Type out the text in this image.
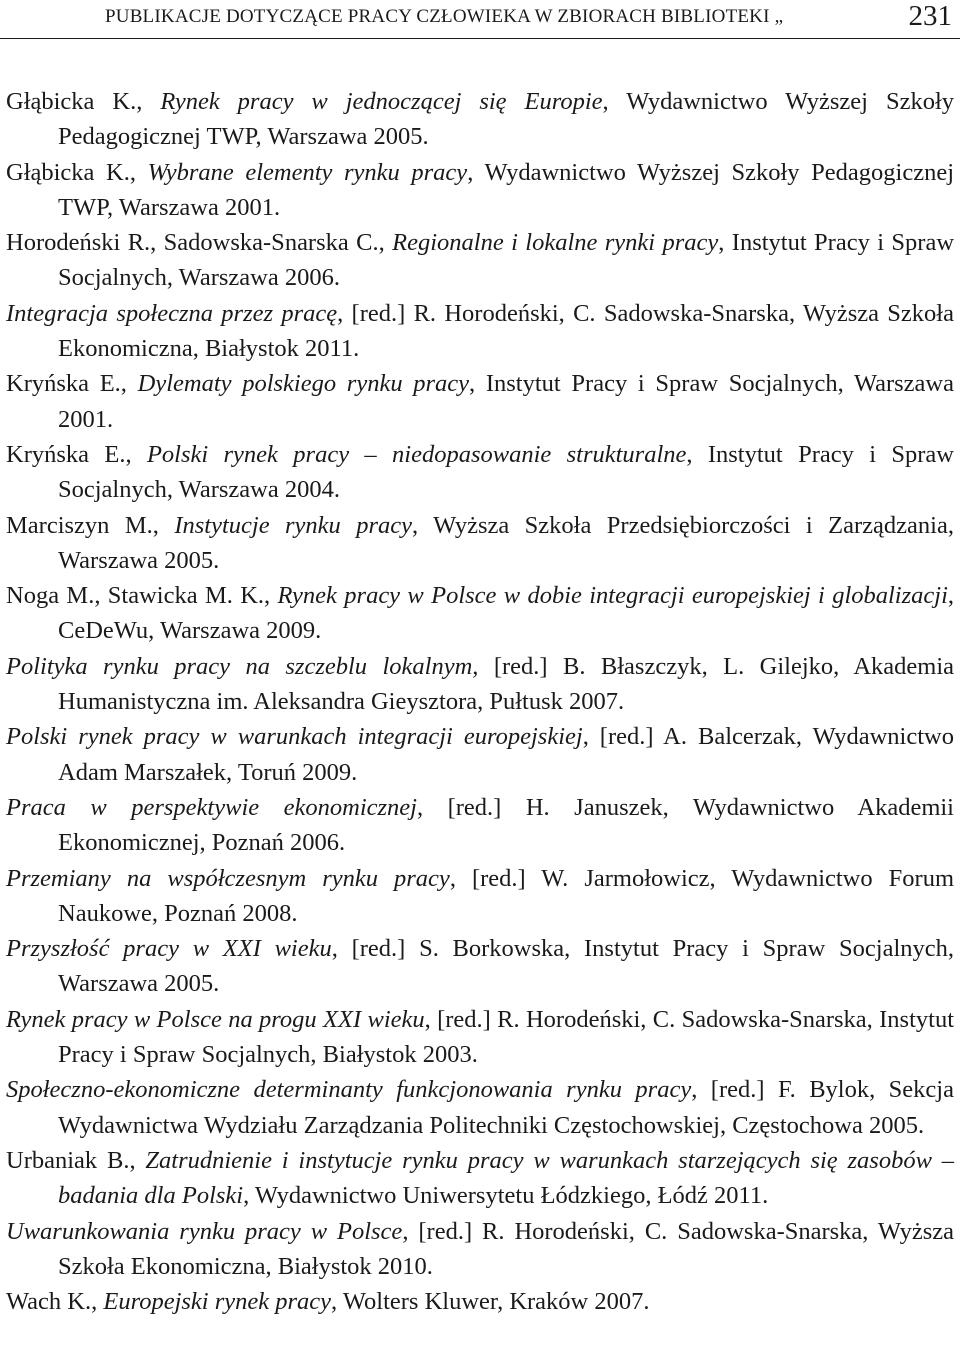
PUBLIKACJE DOTYCZĄCE PRACY CZŁOWIEKA W ZBIORACH BIBLIOTEKI „	231
Głąbicka K., Rynek pracy w jednoczącej się Europie, Wydawnictwo Wyższej Szkoły Pedagogicznej TWP, Warszawa 2005.
Głąbicka K., Wybrane elementy rynku pracy, Wydawnictwo Wyższej Szkoły Pedagogicznej TWP, Warszawa 2001.
Horodeński R., Sadowska-Snarska C., Regionalne i lokalne rynki pracy, Instytut Pracy i Spraw Socjalnych, Warszawa 2006.
Integracja społeczna przez pracę, [red.] R. Horodeński, C. Sadowska-Snarska, Wyższa Szkoła Ekonomiczna, Białystok 2011.
Kryńska E., Dylematy polskiego rynku pracy, Instytut Pracy i Spraw Socjalnych, Warszawa 2001.
Kryńska E., Polski rynek pracy – niedopasowanie strukturalne, Instytut Pracy i Spraw Socjalnych, Warszawa 2004.
Marciszyn M., Instytucje rynku pracy, Wyższa Szkoła Przedsiębiorczości i Zarządzania, Warszawa 2005.
Noga M., Stawicka M. K., Rynek pracy w Polsce w dobie integracji europejskiej i globalizacji, CeDeWu, Warszawa 2009.
Polityka rynku pracy na szczeblu lokalnym, [red.] B. Błaszczyk, L. Gilejko, Akademia Humanistyczna im. Aleksandra Gieysztora, Pułtusk 2007.
Polski rynek pracy w warunkach integracji europejskiej, [red.] A. Balcerzak, Wydawnictwo Adam Marszałek, Toruń 2009.
Praca w perspektywie ekonomicznej, [red.] H. Januszek, Wydawnictwo Akademii Ekonomicznej, Poznań 2006.
Przemiany na współczesnym rynku pracy, [red.] W. Jarmołowicz, Wydawnictwo Forum Naukowe, Poznań 2008.
Przyszłość pracy w XXI wieku, [red.] S. Borkowska, Instytut Pracy i Spraw Socjalnych, Warszawa 2005.
Rynek pracy w Polsce na progu XXI wieku, [red.] R. Horodeński, C. Sadowska-Snarska, Instytut Pracy i Spraw Socjalnych, Białystok 2003.
Społeczno-ekonomiczne determinanty funkcjonowania rynku pracy, [red.] F. Bylok, Sekcja Wydawnictwa Wydziału Zarządzania Politechniki Częstochowskiej, Częstochowa 2005.
Urbaniak B., Zatrudnienie i instytucje rynku pracy w warunkach starzejących się zasobów – badania dla Polski, Wydawnictwo Uniwersytetu Łódzkiego, Łódź 2011.
Uwarunkowania rynku pracy w Polsce, [red.] R. Horodeński, C. Sadowska-Snarska, Wyższa Szkoła Ekonomiczna, Białystok 2010.
Wach K., Europejski rynek pracy, Wolters Kluwer, Kraków 2007.
